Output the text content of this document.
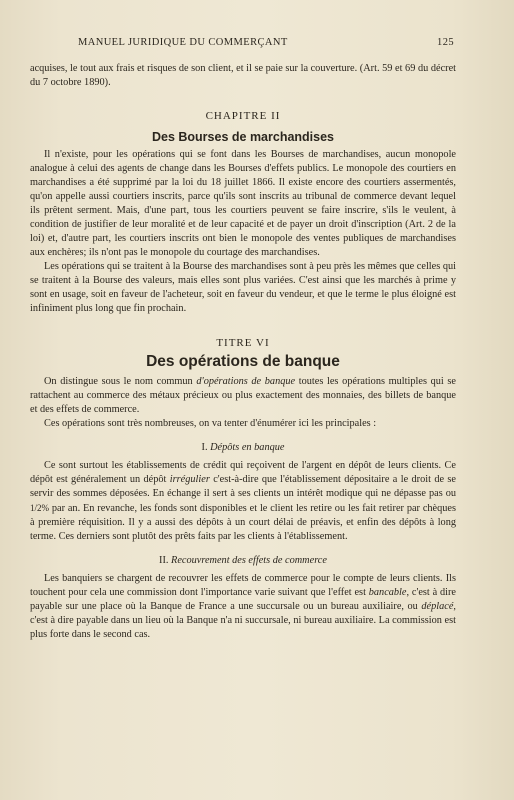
MANUEL JURIDIQUE DU COMMERÇANT	125

acquises, le tout aux frais et risques de son client, et il se paie sur la couverture. (Art. 59 et 69 du décret du 7 octobre 1890).

CHAPITRE II
Des Bourses de marchandises

Il n'existe, pour les opérations qui se font dans les Bourses de marchandises, aucun monopole analogue à celui des agents de change dans les Bourses d'effets publics. Le monopole des courtiers en marchandises a été supprimé par la loi du 18 juillet 1866. Il existe encore des courtiers assermentés, qu'on appelle aussi courtiers inscrits, parce qu'ils sont inscrits au tribunal de commerce devant lequel ils prêtent serment. Mais, d'une part, tous les courtiers peuvent se faire inscrire, s'ils le veulent, à condition de justifier de leur moralité et de leur capacité et de payer un droit d'inscription (Art. 2 de la loi) et, d'autre part, les courtiers inscrits ont bien le monopole des ventes publiques de marchandises aux enchères; ils n'ont pas le monopole du courtage des marchandises.

Les opérations qui se traitent à la Bourse des marchandises sont à peu près les mêmes que celles qui se traitent à la Bourse des valeurs, mais elles sont plus variées. C'est ainsi que les marchés à prime y sont en usage, soit en faveur de l'acheteur, soit en faveur du vendeur, et que le terme le plus éloigné est infiniment plus long que fin prochain.

TITRE VI
Des opérations de banque

On distingue sous le nom commun d'opérations de banque toutes les opérations multiples qui se rattachent au commerce des métaux précieux ou plus exactement des monnaies, des billets de banque et des effets de commerce.

Ces opérations sont très nombreuses, on va tenter d'énumérer ici les principales :

I. Dépôts en banque

Ce sont surtout les établissements de crédit qui reçoivent de l'argent en dépôt de leurs clients. Ce dépôt est généralement un dépôt irrégulier c'est-à-dire que l'établissement dépositaire a le droit de se servir des sommes déposées. En échange il sert à ses clients un intérêt modique qui ne dépasse pas ou 1/2% par an. En revanche, les fonds sont disponibles et le client les retire ou les fait retirer par chèques à première réquisition. Il y a aussi des dépôts à un court délai de préavis, et enfin des dépôts à long terme. Ces derniers sont plutôt des prêts faits par les clients à l'établissement.

II. Recouvrement des effets de commerce

Les banquiers se chargent de recouvrer les effets de commerce pour le compte de leurs clients. Ils touchent pour cela une commission dont l'importance varie suivant que l'effet est bancable, c'est à dire payable sur une place où la Banque de France a une succursale ou un bureau auxiliaire, ou déplacé, c'est à dire payable dans un lieu où la Banque n'a ni succursale, ni bureau auxiliaire. La commission est plus forte dans le second cas.
